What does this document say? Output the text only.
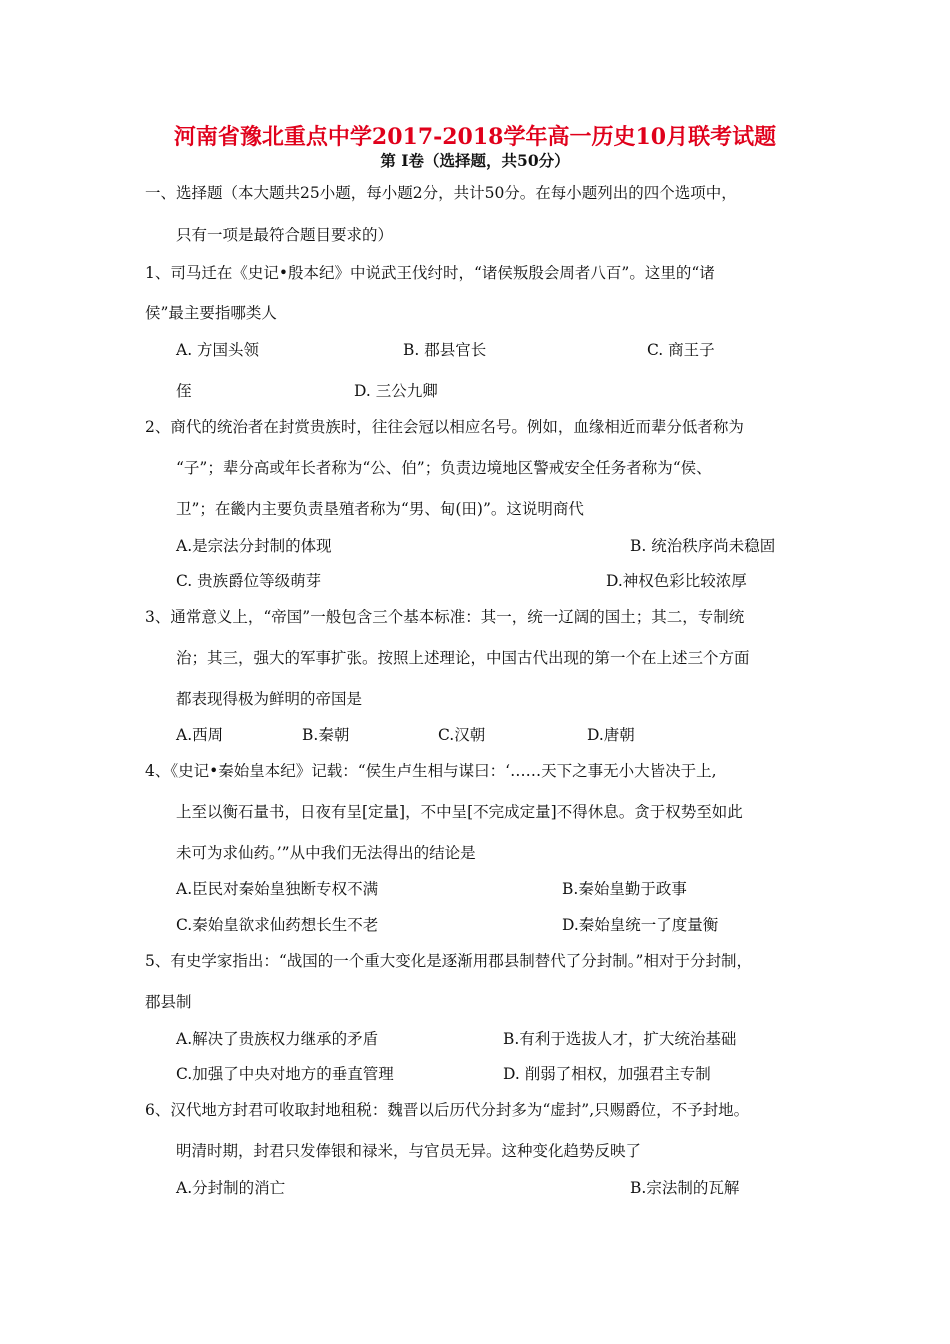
河南省豫北重点中学2017-2018学年高一历史10月联考试题
第 I卷（选择题，共50分）
一、选择题（本大题共25小题，每小题2分，共计50分。在每小题列出的四个选项中，
只有一项是最符合题目要求的）
1、司马迁在《史记•殷本纪》中说武王伐纣时，“诸侯叛殷会周者八百”。这里的“诸
侯”最主要指哪类人
A. 方国头领	B. 郡县官长	C. 商王子
侄	D. 三公九卿
2、商代的统治者在封赏贵族时，往往会冠以相应名号。例如，血缘相近而辈分低者称为
“子”；辈分高或年长者称为“公、伯”；负责边境地区警戒安全任务者称为“侯、
卫”；在畿内主要负责垦殖者称为“男、甸(田)”。这说明商代
A.是宗法分封制的体现	B. 统治秩序尚未稳固
C. 贵族爵位等级萌芽	D.神权色彩比较浓厚
3、通常意义上，“帝国”一般包含三个基本标准：其一，统一辽阔的国土；其二，专制统
治；其三，强大的军事扩张。按照上述理论，中国古代出现的第一个在上述三个方面
都表现得极为鲜明的帝国是
A.西周	B.秦朝	C.汉朝	D.唐朝
4、《史记•秦始皇本纪》记载：“侯生卢生相与谋曰：‘……天下之事无小大皆决于上,
上至以衡石量书，日夜有呈[定量]，不中呈[不完成定量]不得休息。贪于权势至如此
未可为求仙药。’”从中我们无法得出的结论是
A.臣民对秦始皇独断专权不满	B.秦始皇勤于政事
C.秦始皇欲求仙药想长生不老	D.秦始皇统一了度量衡
5、有史学家指出：“战国的一个重大变化是逐渐用郡县制替代了分封制。”相对于分封制，
郡县制
A.解决了贵族权力继承的矛盾	B.有利于选拔人才，扩大统治基础
C.加强了中央对地方的垂直管理	D. 削弱了相权，加强君主专制
6、汉代地方封君可收取封地租税：魏晋以后历代分封多为“虚封”,只赐爵位，不予封地。
明清时期，封君只发俸银和禄米，与官员无异。这种变化趋势反映了
A.分封制的消亡	B.宗法制的瓦解
